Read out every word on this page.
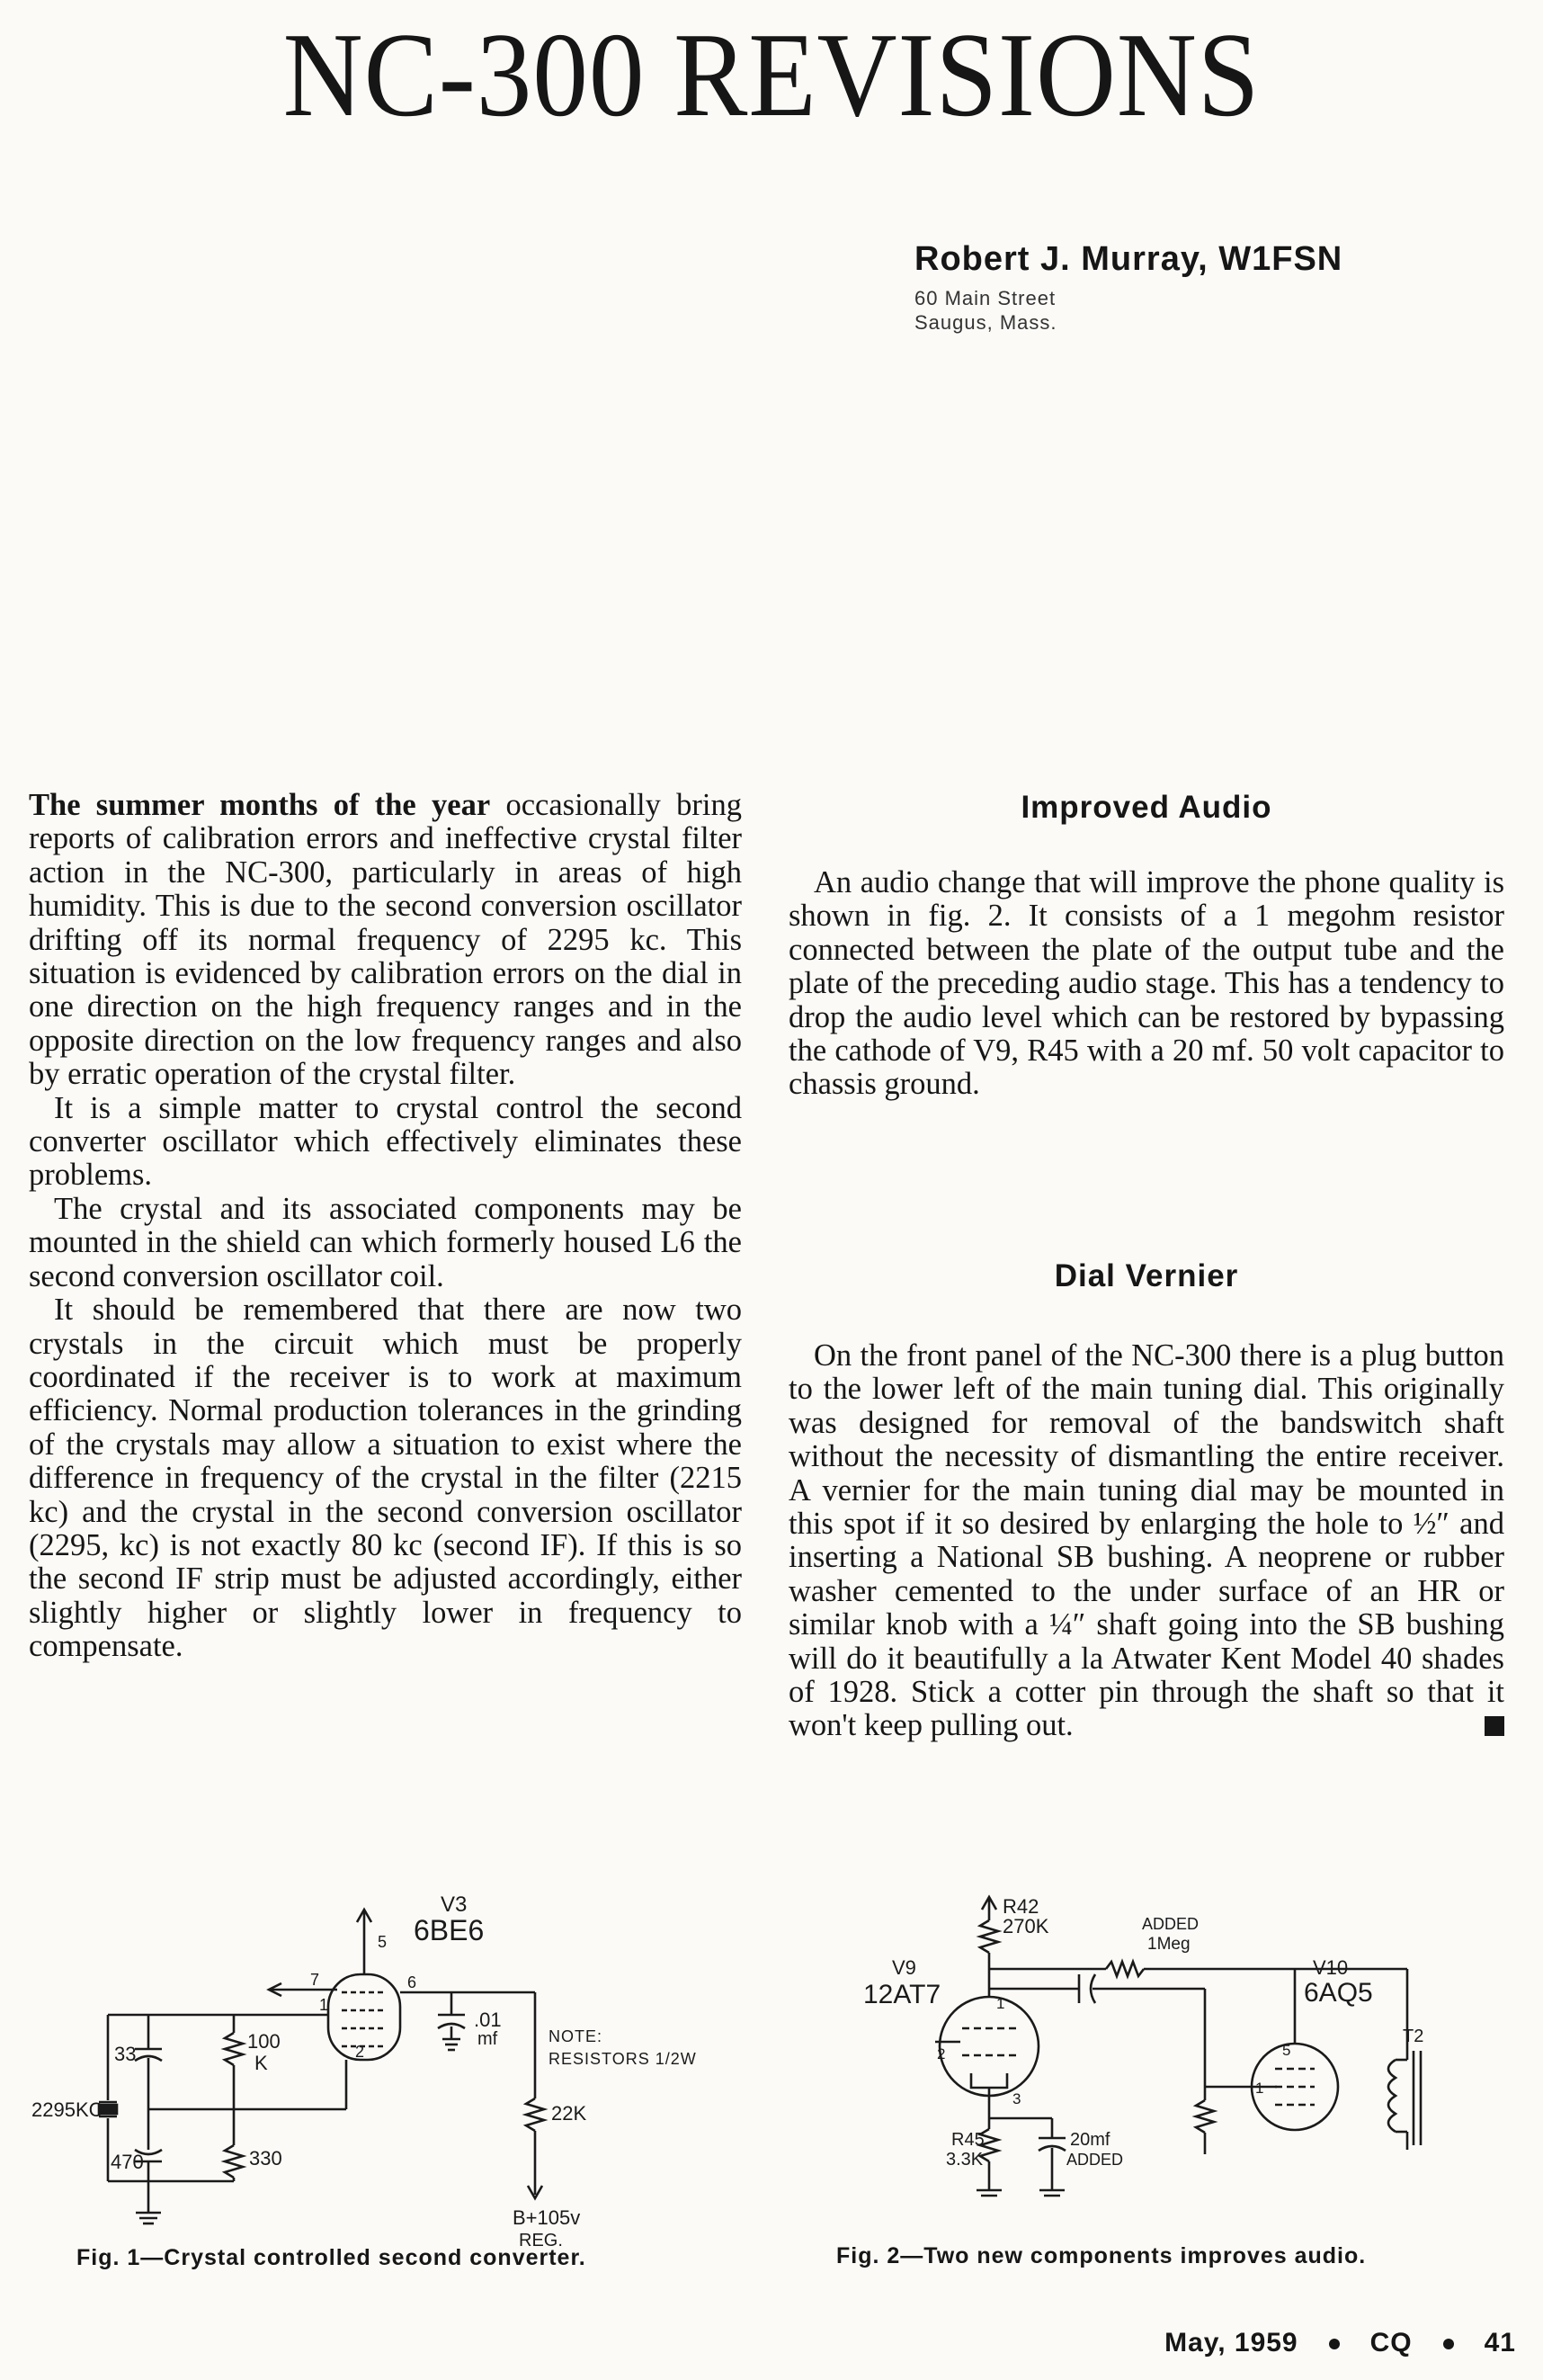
NC-300 REVISIONS
Robert J. Murray, W1FSN
60 Main Street
Saugus, Mass.

The summer months of the year occasionally bring reports of calibration errors and ineffective crystal filter action in the NC-300, particularly in areas of high humidity. This is due to the second conversion oscillator drifting off its normal frequency of 2295 kc. This situation is evidenced by calibration errors on the dial in one direction on the high frequency ranges and in the opposite direction on the low frequency ranges and also by erratic operation of the crystal filter.

It is a simple matter to crystal control the second converter oscillator which effectively eliminates these problems.

The crystal and its associated components may be mounted in the shield can which formerly housed L6 the second conversion oscillator coil.

It should be remembered that there are now two crystals in the circuit which must be properly coordinated if the receiver is to work at maximum efficiency. Normal production tolerances in the grinding of the crystals may allow a situation to exist where the difference in frequency of the crystal in the filter (2215 kc) and the crystal in the second conversion oscillator (2295, kc) is not exactly 80 kc (second IF). If this is so the second IF strip must be adjusted accordingly, either slightly higher or slightly lower in frequency to compensate.

Improved Audio

An audio change that will improve the phone quality is shown in fig. 2. It consists of a 1 megohm resistor connected between the plate of the output tube and the plate of the preceding audio stage. This has a tendency to drop the audio level which can be restored by bypassing the cathode of V9, R45 with a 20 mf. 50 volt capacitor to chassis ground.

Dial Vernier

On the front panel of the NC-300 there is a plug button to the lower left of the main tuning dial. This originally was designed for removal of the bandswitch shaft without the necessity of dismantling the entire receiver. A vernier for the main tuning dial may be mounted in this spot if it so desired by enlarging the hole to ½″ and inserting a National SB bushing. A neoprene or rubber washer cemented to the under surface of an HR or similar knob with a ¼″ shaft going into the SB bushing will do it beautifully a la Atwater Kent Model 40 shades of 1928. Stick a cotter pin through the shaft so that it won't keep pulling out.

V3
6BE6
5
6
7
1
2
33
100
K
.01
mf	NOTE:
RESISTORS 1/2W
2295KC	22K
470	330
B+105v
REG.
Fig. 1—Crystal controlled second converter.
R42
270K	ADDED
1Meg
V9
12AT7
V10
6AQ5
T2
1
2
3
5
1
R45
3.3K
20mf
ADDED
Fig. 2—Two new components improves audio.
May, 1959	CQ	41
